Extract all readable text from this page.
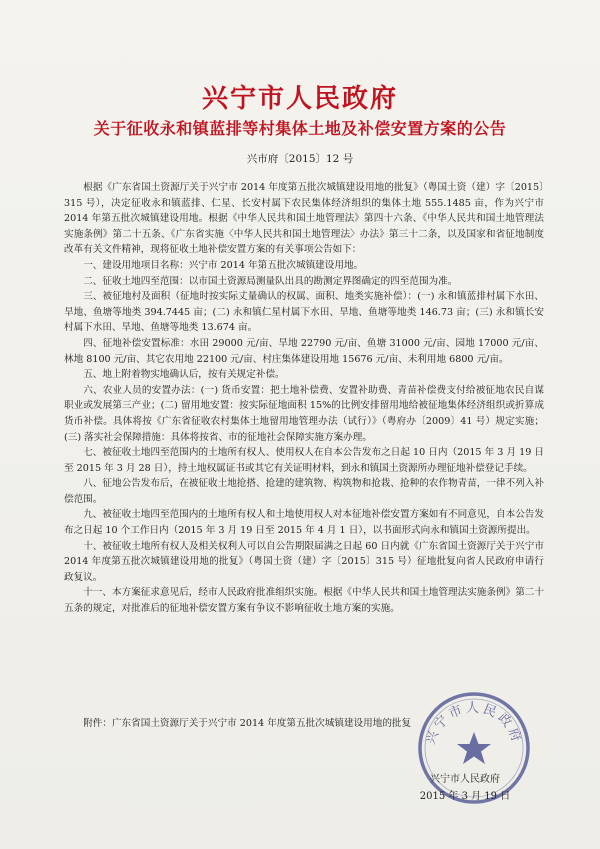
兴宁市人民政府
关于征收永和镇蓝排等村集体土地及补偿安置方案的公告
兴市府〔2015〕12 号

根据《广东省国土资源厅关于兴宁市 2014 年度第五批次城镇建设用地的批复》（粤国土资（建）字〔2015〕315 号），决定征收永和镇蓝排、仁星、长安村属下农民集体经济组织的集体土地 555.1485 亩，作为兴宁市 2014 年第五批次城镇建设用地。根据《中华人民共和国土地管理法》第四十六条、《中华人民共和国土地管理法实施条例》第二十五条、《广东省实施〈中华人民共和国土地管理法〉办法》第三十二条，以及国家和省征地制度改革有关文件精神，现将征收土地补偿安置方案的有关事项公告如下：

一、建设用地项目名称：兴宁市 2014 年第五批次城镇建设用地。

二、征收土地四至范围：以市国土资源局测量队出具的勘测定界图确定的四至范围为准。

三、被征地村及面积（征地时按实际丈量确认的权属、面积、地类实施补偿）：(一) 永和镇蓝排村属下水田、旱地、鱼塘等地类 394.7445 亩；(二) 永和镇仁星村属下水田、旱地、鱼塘等地类 146.73 亩；(三) 永和镇长安村属下水田、旱地、鱼塘等地类 13.674 亩。

四、征地补偿安置标准：水田 29000 元/亩、旱地 22790 元/亩、鱼塘 31000 元/亩、园地 17000 元/亩、林地 8100 元/亩、其它农用地 22100 元/亩、村庄集体建设用地 15676 元/亩、未利用地 6800 元/亩。

五、地上附着物实地确认后，按有关规定补偿。

六、农业人员的安置办法：(一) 货币安置：把土地补偿费、安置补助费、青苗补偿费支付给被征地农民自谋职业或发展第三产业；(二) 留用地安置：按实际征地面积 15%的比例安排留用地给被征地集体经济组织或折算成货币补偿。具体将按《广东省征收农村集体土地留用地管理办法（试行）》（粤府办〔2009〕41 号）规定实施；(三) 落实社会保障措施：具体将按省、市的征地社会保障实施方案办理。

七、被征收土地四至范围内的土地所有权人、使用权人在自本公告发布之日起 10 日内（2015 年 3 月 19 日至 2015 年 3 月 28 日），持土地权属证书或其它有关证明材料，到永和镇国土资源所办理征地补偿登记手续。

八、征地公告发布后，在被征收土地抢搭、抢建的建筑物、构筑物和抢栽、抢种的农作物青苗，一律不列入补偿范围。

九、被征收土地四至范围内的土地所有权人和土地使用权人对本征地补偿安置方案如有不同意见，自本公告发布之日起 10 个工作日内（2015 年 3 月 19 日至 2015 年 4 月 1 日），以书面形式向永和镇国土资源所提出。

十、被征收土地所有权人及相关权利人可以自公告期限届满之日起 60 日内就《广东省国土资源厅关于兴宁市 2014 年度第五批次城镇建设用地的批复》（粤国土资（建）字〔2015〕315 号）征地批复向省人民政府申请行政复议。

十一、本方案征求意见后，经市人民政府批准组织实施。根据《中华人民共和国土地管理法实施条例》第二十五条的规定，对批准后的征地补偿安置方案有争议不影响征收土地方案的实施。

附件：广东省国土资源厅关于兴宁市 2014 年度第五批次城镇建设用地的批复
兴宁市人民政府
兴宁市人民政府
2015 年 3 月 19 日
